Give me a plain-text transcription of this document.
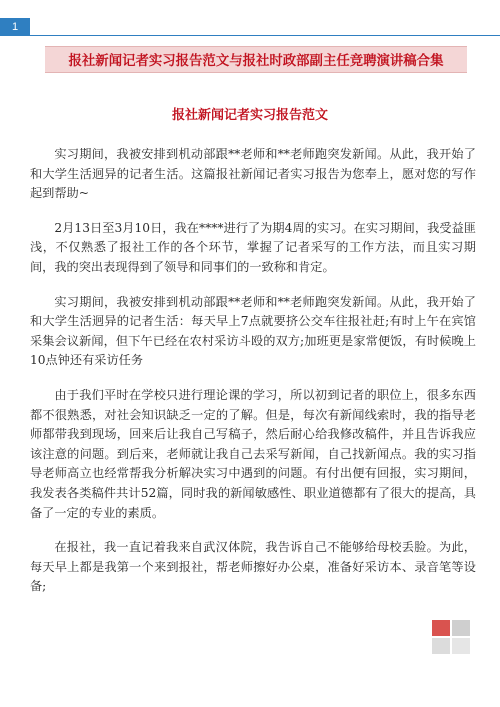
1
报社新闻记者实习报告范文与报社时政部副主任竞聘演讲稿合集
报社新闻记者实习报告范文

实习期间，我被安排到机动部跟**老师和**老师跑突发新闻。从此，我开始了和大学生活迥异的记者生活。这篇报社新闻记者实习报告为您奉上，愿对您的写作起到帮助~

2月13日至3月10日，我在****进行了为期4周的实习。在实习期间，我受益匪浅，不仅熟悉了报社工作的各个环节，掌握了记者采写的工作方法，而且实习期间，我的突出表现得到了领导和同事们的一致称和肯定。

实习期间，我被安排到机动部跟**老师和**老师跑突发新闻。从此，我开始了和大学生活迥异的记者生活：每天早上7点就要挤公交车往报社赶;有时上午在宾馆采集会议新闻，但下午已经在农村采访斗殴的双方;加班更是家常便饭，有时候晚上10点钟还有采访任务

由于我们平时在学校只进行理论课的学习，所以初到记者的职位上，很多东西都不很熟悉，对社会知识缺乏一定的了解。但是，每次有新闻线索时，我的指导老师都带我到现场，回来后让我自己写稿子，然后耐心给我修改稿件，并且告诉我应该注意的问题。到后来，老师就让我自己去采写新闻，自己找新闻点。我的实习指导老师高立也经常帮我分析解决实习中遇到的问题。有付出便有回报，实习期间，我发表各类稿件共计52篇，同时我的新闻敏感性、职业道德都有了很大的提高，具备了一定的专业的素质。

在报社，我一直记着我来自武汉体院，我告诉自己不能够给母校丢脸。为此，每天早上都是我第一个来到报社，帮老师擦好办公桌，准备好采访本、录音笔等设备;
